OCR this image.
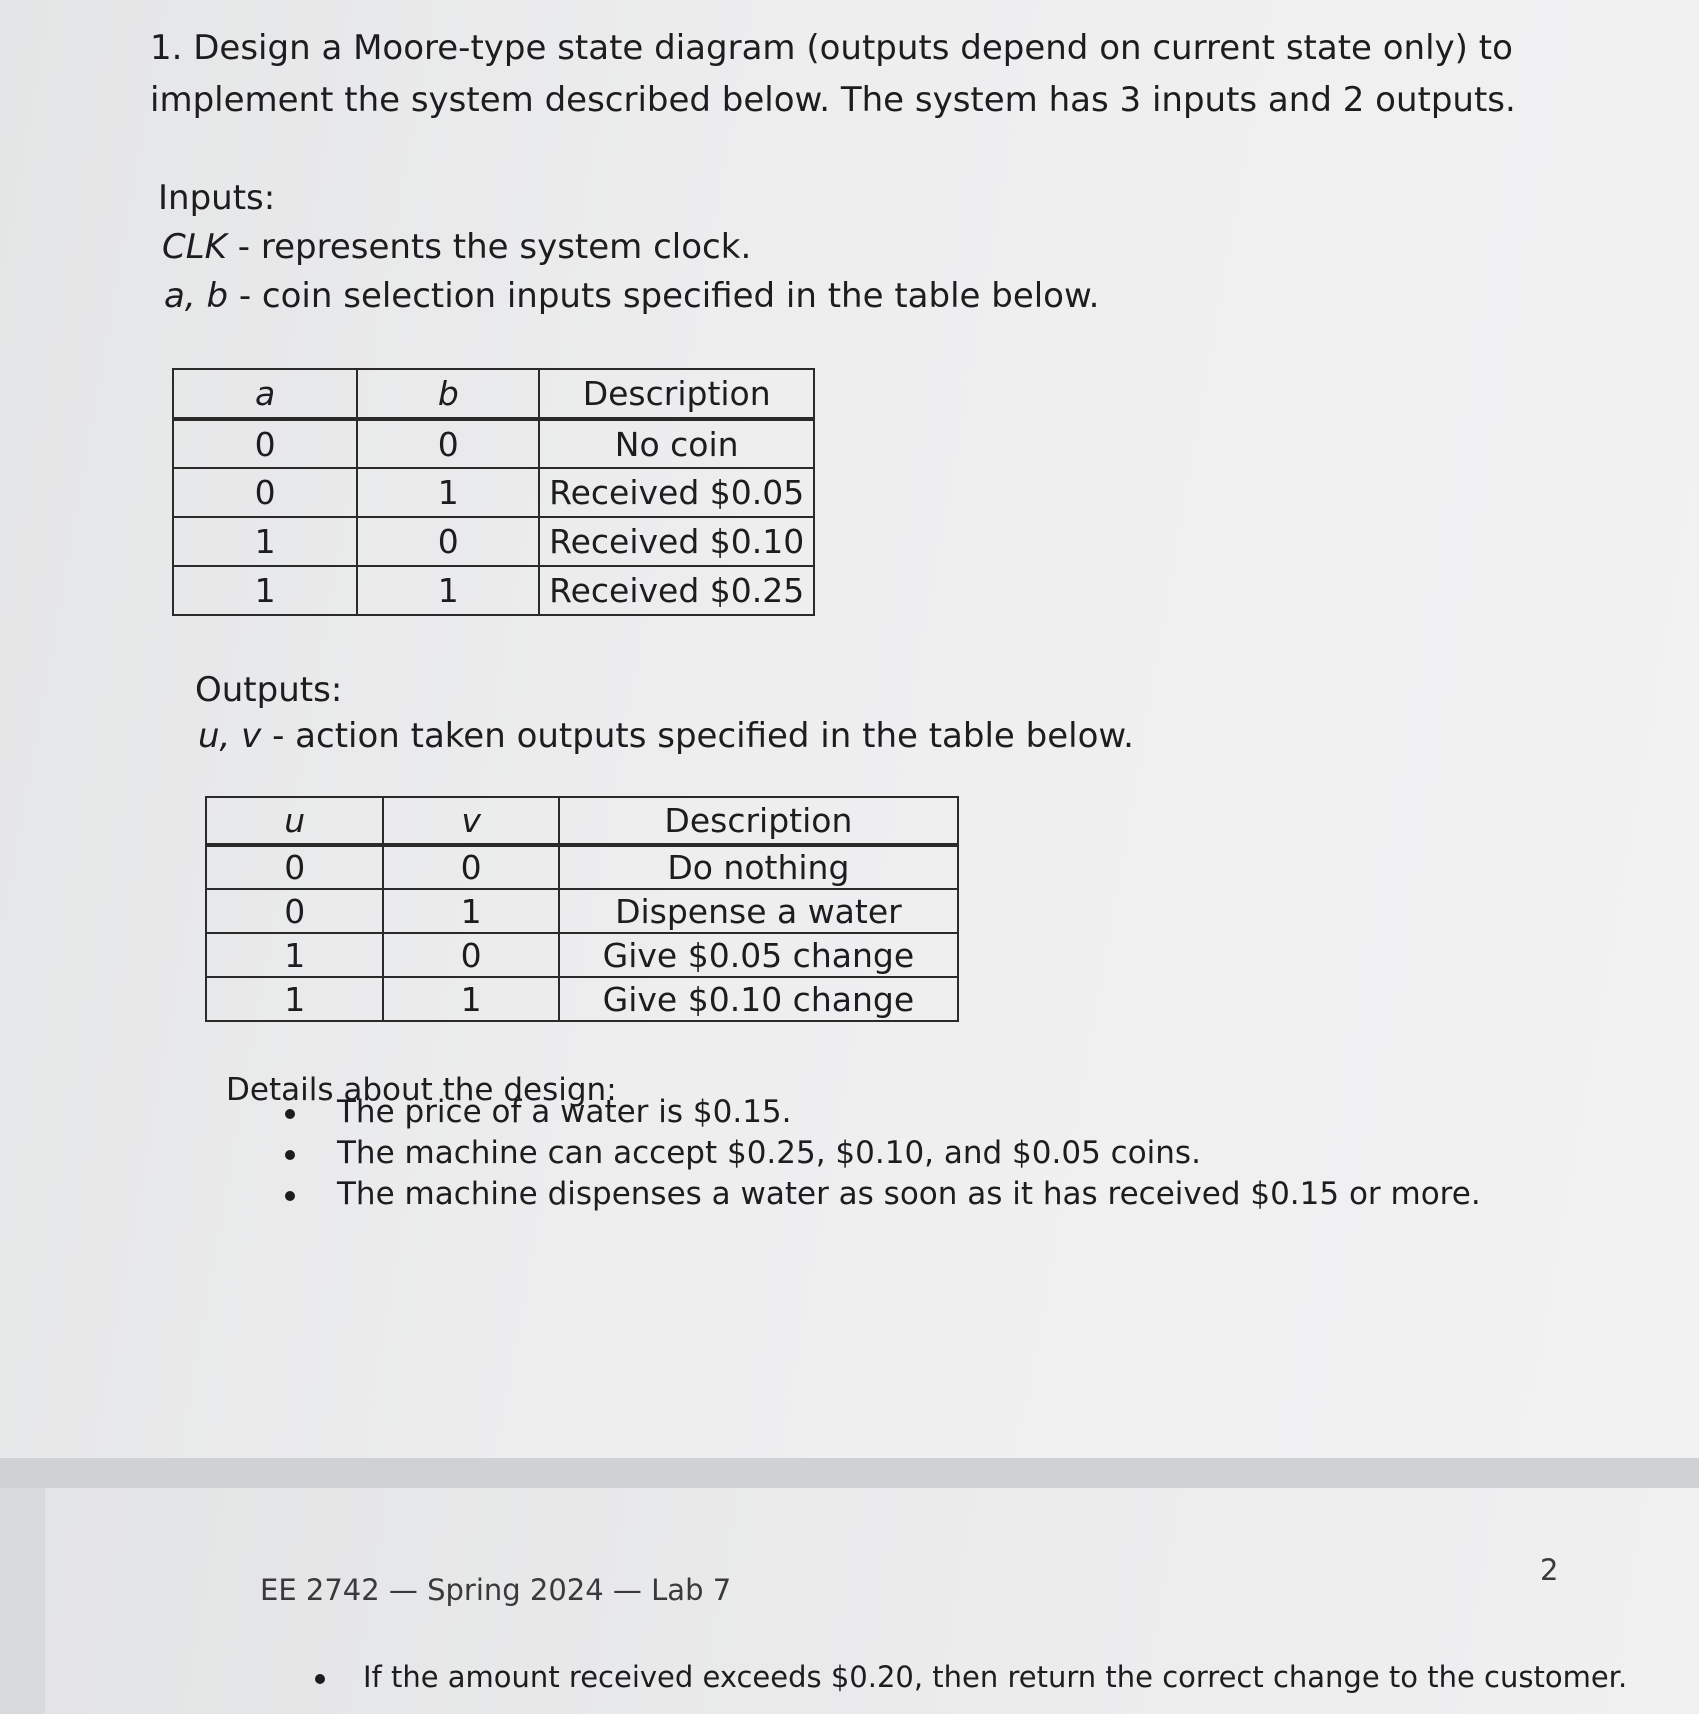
1. Design a Moore-type state diagram (outputs depend on current state only) to implement the system described below. The system has 3 inputs and 2 outputs.
Inputs:
CLK - represents the system clock.
a, b - coin selection inputs specified in the table below.
a	b	Description
0	0	No coin
0	1	Received $0.05
1	0	Received $0.10
1	1	Received $0.25
Outputs:
u, v - action taken outputs specified in the table below.
u	v	Description
0	0	Do nothing
0	1	Dispense a water
1	0	Give $0.05 change
1	1	Give $0.10 change
Details about the design:
The price of a water is $0.15.
The machine can accept $0.25, $0.10, and $0.05 coins.
The machine dispenses a water as soon as it has received $0.15 or more.
EE 2742 — Spring 2024 — Lab 7
2
If the amount received exceeds $0.20, then return the correct change to the customer.
